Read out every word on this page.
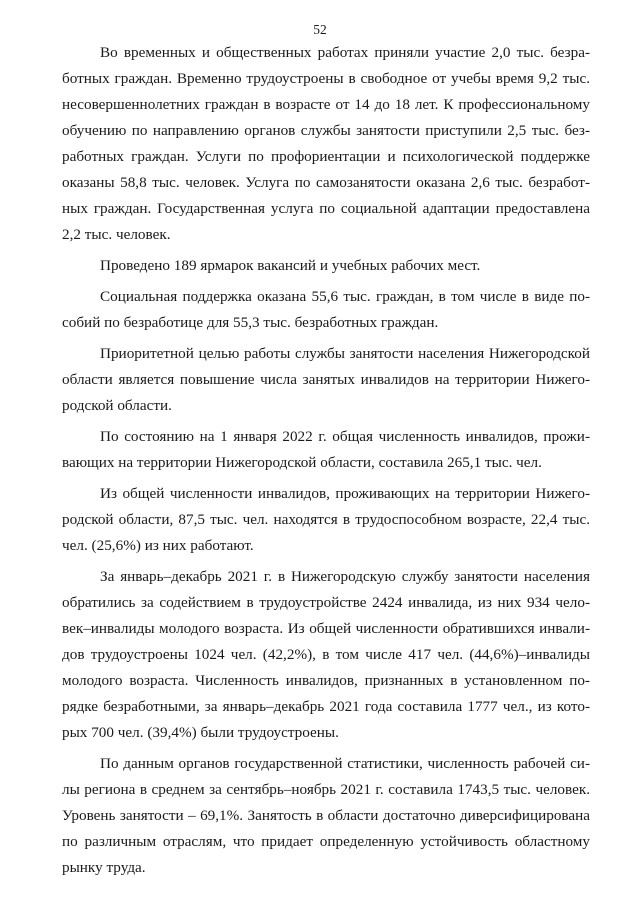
52

Во временных и общественных работах приняли участие 2,0 тыс. безработных граждан. Временно трудоустроены в свободное от учебы время 9,2 тыс. несовершеннолетних граждан в возрасте от 14 до 18 лет. К профессиональному обучению по направлению органов службы занятости приступили 2,5 тыс. безработных граждан. Услуги по профориентации и психологической поддержке оказаны 58,8 тыс. человек. Услуга по самозанятости оказана 2,6 тыс. безработных граждан. Государственная услуга по социальной адаптации предоставлена 2,2 тыс. человек.

Проведено 189 ярмарок вакансий и учебных рабочих мест.

Социальная поддержка оказана 55,6 тыс. граждан, в том числе в виде пособий по безработице для 55,3 тыс. безработных граждан.

Приоритетной целью работы службы занятости населения Нижегородской области является повышение числа занятых инвалидов на территории Нижегородской области.

По состоянию на 1 января 2022 г. общая численность инвалидов, проживающих на территории Нижегородской области, составила 265,1 тыс. чел.

Из общей численности инвалидов, проживающих на территории Нижегородской области, 87,5 тыс. чел. находятся в трудоспособном возрасте, 22,4 тыс. чел. (25,6%) из них работают.

За январь–декабрь 2021 г. в Нижегородскую службу занятости населения обратились за содействием в трудоустройстве 2424 инвалида, из них 934 человек–инвалиды молодого возраста. Из общей численности обратившихся инвалидов трудоустроены 1024 чел. (42,2%), в том числе 417 чел. (44,6%)–инвалиды молодого возраста. Численность инвалидов, признанных в установленном порядке безработными, за январь–декабрь 2021 года составила 1777 чел., из которых 700 чел. (39,4%) были трудоустроены.

По данным органов государственной статистики, численность рабочей силы региона в среднем за сентябрь–ноябрь 2021 г. составила 1743,5 тыс. человек. Уровень занятости – 69,1%. Занятость в области достаточно диверсифицирована по различным отраслям, что придает определенную устойчивость областному рынку труда.
